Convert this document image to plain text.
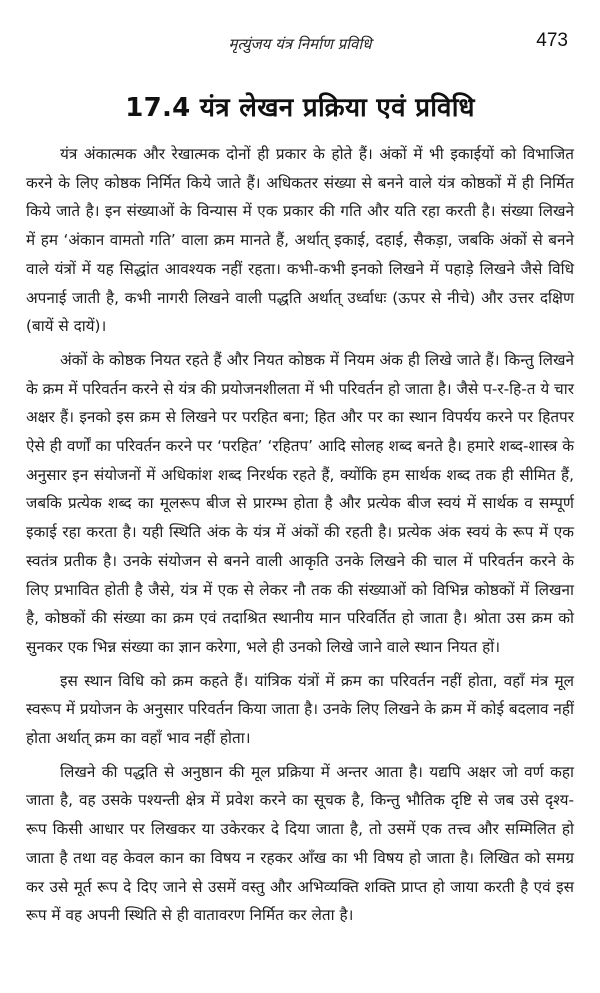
मृत्युंजय यंत्र निर्माण प्रविधि	473
17.4 यंत्र लेखन प्रक्रिया एवं प्रविधि

यंत्र अंकात्मक और रेखात्मक दोनों ही प्रकार के होते हैं। अंकों में भी इकाईयों को विभाजित करने के लिए कोष्ठक निर्मित किये जाते हैं। अधिकतर संख्या से बनने वाले यंत्र कोष्ठकों में ही निर्मित किये जाते है। इन संख्याओं के विन्यास में एक प्रकार की गति और यति रहा करती है। संख्या लिखने में हम ‘अंकान वामतो गति’ वाला क्रम मानते हैं, अर्थात् इकाई, दहाई, सैकड़ा, जबकि अंकों से बनने वाले यंत्रों में यह सिद्धांत आवश्यक नहीं रहता। कभी-कभी इनको लिखने में पहाड़े लिखने जैसे विधि अपनाई जाती है, कभी नागरी लिखने वाली पद्धति अर्थात् उर्ध्वाधः (ऊपर से नीचे) और उत्तर दक्षिण (बायें से दायें)।

अंकों के कोष्ठक नियत रहते हैं और नियत कोष्ठक में नियम अंक ही लिखे जाते हैं। किन्तु लिखने के क्रम में परिवर्तन करने से यंत्र की प्रयोजनशीलता में भी परिवर्तन हो जाता है। जैसे प-र-हि-त ये चार अक्षर हैं। इनको इस क्रम से लिखने पर परहित बना; हित और पर का स्थान विपर्यय करने पर हितपर ऐसे ही वर्णों का परिवर्तन करने पर ‘परहित’ ‘रहितप’ आदि सोलह शब्द बनते है। हमारे शब्द-शास्त्र के अनुसार इन संयोजनों में अधिकांश शब्द निरर्थक रहते हैं, क्योंकि हम सार्थक शब्द तक ही सीमित हैं, जबकि प्रत्येक शब्द का मूलरूप बीज से प्रारम्भ होता है और प्रत्येक बीज स्वयं में सार्थक व सम्पूर्ण इकाई रहा करता है। यही स्थिति अंक के यंत्र में अंकों की रहती है। प्रत्येक अंक स्वयं के रूप में एक स्वतंत्र प्रतीक है। उनके संयोजन से बनने वाली आकृति उनके लिखने की चाल में परिवर्तन करने के लिए प्रभावित होती है जैसे, यंत्र में एक से लेकर नौ तक की संख्याओं को विभिन्न कोष्ठकों में लिखना है, कोष्ठकों की संख्या का क्रम एवं तदाश्रित स्थानीय मान परिवर्तित हो जाता है। श्रोता उस क्रम को सुनकर एक भिन्न संख्या का ज्ञान करेगा, भले ही उनको लिखे जाने वाले स्थान नियत हों।

इस स्थान विधि को क्रम कहते हैं। यांत्रिक यंत्रों में क्रम का परिवर्तन नहीं होता, वहाँ मंत्र मूल स्वरूप में प्रयोजन के अनुसार परिवर्तन किया जाता है। उनके लिए लिखने के क्रम में कोई बदलाव नहीं होता अर्थात् क्रम का वहाँ भाव नहीं होता।

लिखने की पद्धति से अनुष्ठान की मूल प्रक्रिया में अन्तर आता है। यद्यपि अक्षर जो वर्ण कहा जाता है, वह उसके पश्यन्ती क्षेत्र में प्रवेश करने का सूचक है, किन्तु भौतिक दृष्टि से जब उसे दृश्य-रूप किसी आधार पर लिखकर या उकेरकर दे दिया जाता है, तो उसमें एक तत्त्व और सम्मिलित हो जाता है तथा वह केवल कान का विषय न रहकर आँख का भी विषय हो जाता है। लिखित को समग्र कर उसे मूर्त रूप दे दिए जाने से उसमें वस्तु और अभिव्यक्ति शक्ति प्राप्त हो जाया करती है एवं इस रूप में वह अपनी स्थिति से ही वातावरण निर्मित कर लेता है।
